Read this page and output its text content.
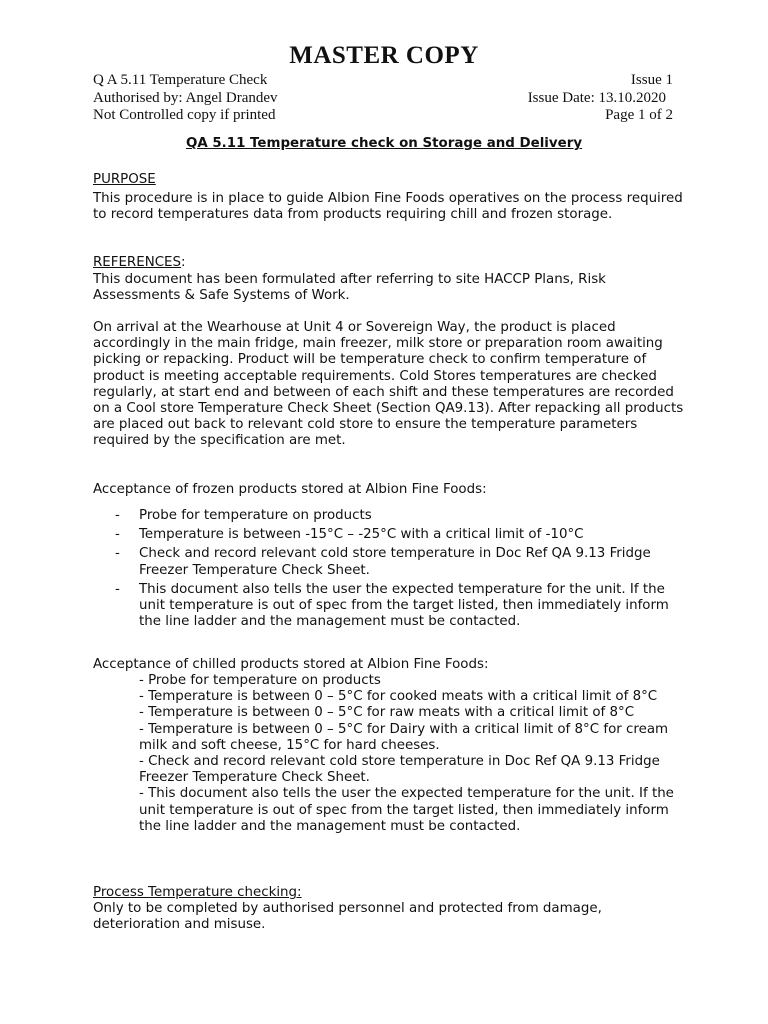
MASTER COPY
Q A 5.11 Temperature Check	Issue 1
Authorised by: Angel Drandev	Issue Date: 13.10.2020
Not Controlled copy if printed	Page 1 of 2
QA 5.11 Temperature check on Storage and Delivery

PURPOSE

This procedure is in place to guide Albion Fine Foods operatives on the process required to record temperatures data from products requiring chill and frozen storage.

REFERENCES:

This document has been formulated after referring to site HACCP Plans, Risk Assessments & Safe Systems of Work.

On arrival at the Wearhouse at Unit 4 or Sovereign Way, the product is placed accordingly in the main fridge, main freezer, milk store or preparation room awaiting picking or repacking. Product will be temperature check to confirm temperature of product is meeting acceptable requirements. Cold Stores temperatures are checked regularly, at start end and between of each shift and these temperatures are recorded on a Cool store Temperature Check Sheet (Section QA9.13). After repacking all products are placed out back to relevant cold store to ensure the temperature parameters required by the specification are met.

Acceptance of frozen products stored at Albion Fine Foods:

- Probe for temperature on products
- Temperature is between -15°C – -25°C with a critical limit of -10°C
- Check and record relevant cold store temperature in Doc Ref QA 9.13 Fridge Freezer Temperature Check Sheet.
- This document also tells the user the expected temperature for the unit. If the unit temperature is out of spec from the target listed, then immediately inform the line ladder and the management must be contacted.

Acceptance of chilled products stored at Albion Fine Foods:

- Probe for temperature on products
- Temperature is between 0 – 5°C for cooked meats with a critical limit of 8°C
- Temperature is between 0 – 5°C for raw meats with a critical limit of 8°C
- Temperature is between 0 – 5°C for Dairy with a critical limit of 8°C for cream milk and soft cheese, 15°C for hard cheeses.
- Check and record relevant cold store temperature in Doc Ref QA 9.13 Fridge Freezer Temperature Check Sheet.
- This document also tells the user the expected temperature for the unit. If the unit temperature is out of spec from the target listed, then immediately inform the line ladder and the management must be contacted.

Process Temperature checking:

Only to be completed by authorised personnel and protected from damage, deterioration and misuse.
